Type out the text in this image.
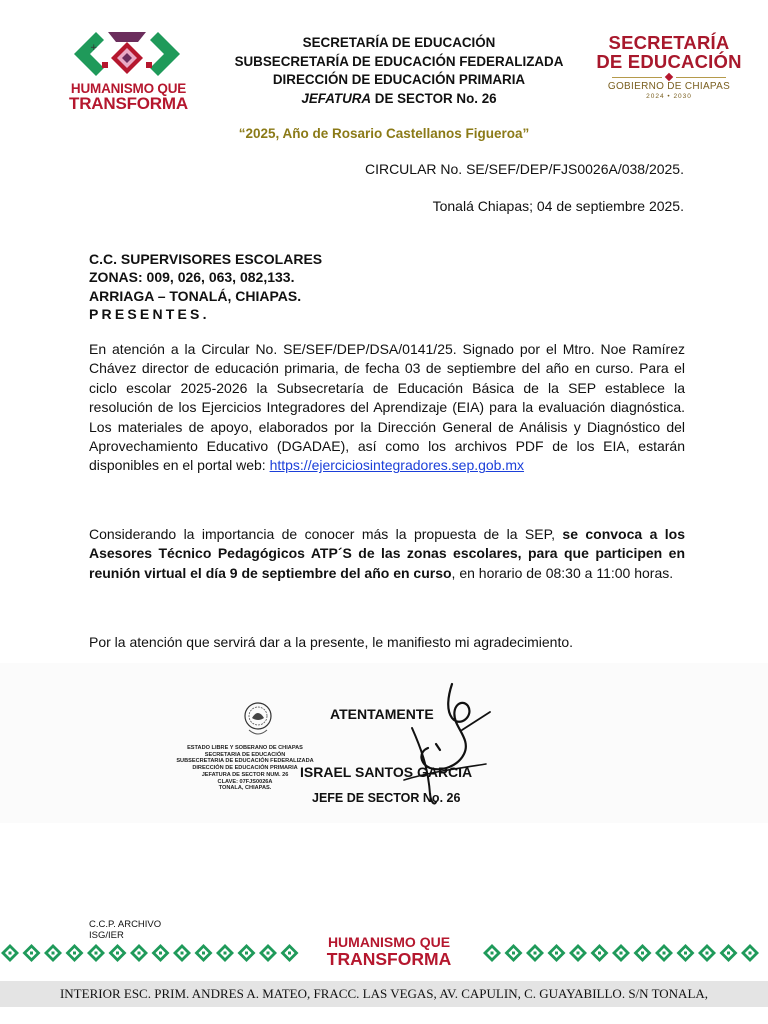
+
HUMANISMO QUE
TRANSFORMA
SECRETARÍA DE EDUCACIÓN
SUBSECRETARÍA DE EDUCACIÓN FEDERALIZADA
DIRECCIÓN DE EDUCACIÓN PRIMARIA
JEFATURA DE SECTOR No. 26
SECRETARÍA
DE EDUCACIÓN
GOBIERNO DE CHIAPAS
2024 • 2030
“2025, Año de Rosario Castellanos Figueroa”
CIRCULAR No. SE/SEF/DEP/FJS0026A/038/2025.
Tonalá Chiapas; 04 de septiembre 2025.
C.C. SUPERVISORES ESCOLARES
ZONAS: 009, 026, 063, 082,133.
ARRIAGA – TONALÁ, CHIAPAS.
PRESENTES.
En atención a la Circular No. SE/SEF/DEP/DSA/0141/25. Signado por el Mtro. Noe Ramírez Chávez director de educación primaria, de fecha 03 de septiembre del año en curso. Para el ciclo escolar 2025-2026 la Subsecretaría de Educación Básica de la SEP establece la resolución de los Ejercicios Integradores del Aprendizaje (EIA) para la evaluación diagnóstica. Los materiales de apoyo, elaborados por la Dirección General de Análisis y Diagnóstico del Aprovechamiento Educativo (DGADAE), así como los archivos PDF de los EIA, estarán disponibles en el portal web: https://ejerciciosintegradores.sep.gob.mx
Considerando la importancia de conocer más la propuesta de la SEP, se convoca a los Asesores Técnico Pedagógicos ATP´S de las zonas escolares, para que participen en reunión virtual el día 9 de septiembre del año en curso, en horario de 08:30 a 11:00 horas.
Por la atención que servirá dar a la presente, le manifiesto mi agradecimiento.
ESTADO LIBRE Y SOBERANO DE CHIAPAS
SECRETARIA DE EDUCACIÓN
SUBSECRETARIA DE EDUCACIÓN FEDERALIZADA
DIRECCIÓN DE EDUCACIÓN PRIMARIA
JEFATURA DE SECTOR NUM. 26
CLAVE: 07FJS0026A
TONALA, CHIAPAS.
ATENTAMENTE
ISRAEL SANTOS GARCIA
JEFE DE SECTOR No. 26
C.C.P. ARCHIVO
ISG/IER	HUMANISMO QUE
TRANSFORMA
INTERIOR ESC. PRIM. ANDRES A. MATEO, FRACC. LAS VEGAS, AV. CAPULIN, C. GUAYABILLO. S/N TONALA,
